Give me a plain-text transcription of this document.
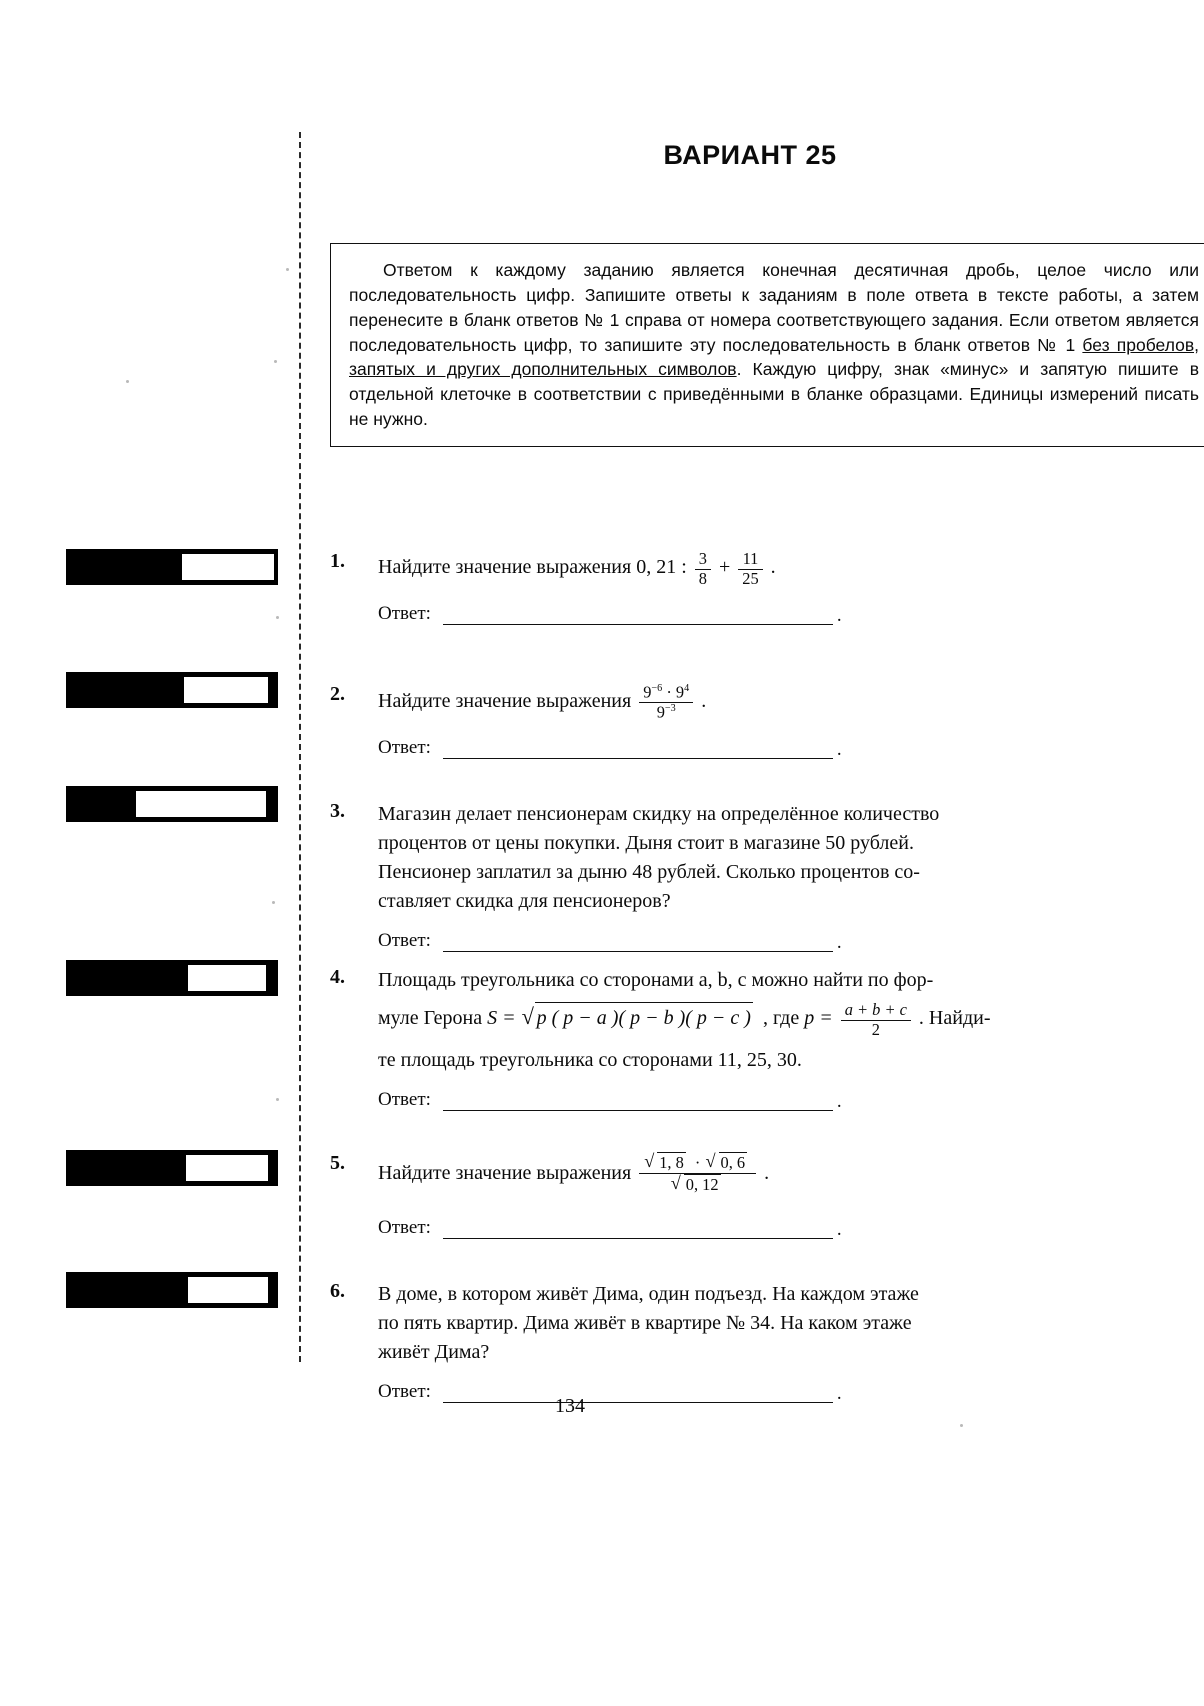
ВАРИАНТ 25

Ответом к каждому заданию является конечная десятичная дробь, целое число или последовательность цифр. Запишите ответы к заданиям в поле ответа в тексте работы, а затем перенесите в бланк ответов № 1 справа от номера соответствующего задания. Если ответом является последовательность цифр, то запишите эту последовательность в бланк ответов № 1 без пробелов, запятых и других дополнительных символов. Каждую цифру, знак «минус» и запятую пишите в отдельной клеточке в соответствии с приведёнными в бланке образцами. Единицы измерений писать не нужно.

1.	Найдите значение выражения 0, 21 : $\frac{3}{8} + \frac{11}{25}$ .
Ответ:	.
2.	Найдите значение выражения $\frac{9^{-6} \cdot 9^4}{9^{-3}}$ .
Ответ:	.
3.	Магазин делает пенсионерам скидку на определённое количество
процентов от цены покупки. Дыня стоит в магазине 50 рублей.
Пенсионер заплатил за дыню 48 рублей. Сколько процентов со-
ставляет скидка для пенсионеров?
Ответ:	.
4.	Площадь треугольника со сторонами a, b, c можно найти по фор-
муле Герона S = √ p ( p − a )( p − b )( p − c ) , где $p = \frac{a + b + c}{2}$ . Найди-
те площадь треугольника со сторонами 11, 25, 30.
Ответ:	.
5.	Найдите значение выражения √ 1, 8 · √ 0, 6
√ 0, 12 .
Ответ:	.
6.	В доме, в котором живёт Дима, один подъезд. На каждом этаже
по пять квартир. Дима живёт в квартире № 34. На каком этаже
живёт Дима?
Ответ:	.
134
